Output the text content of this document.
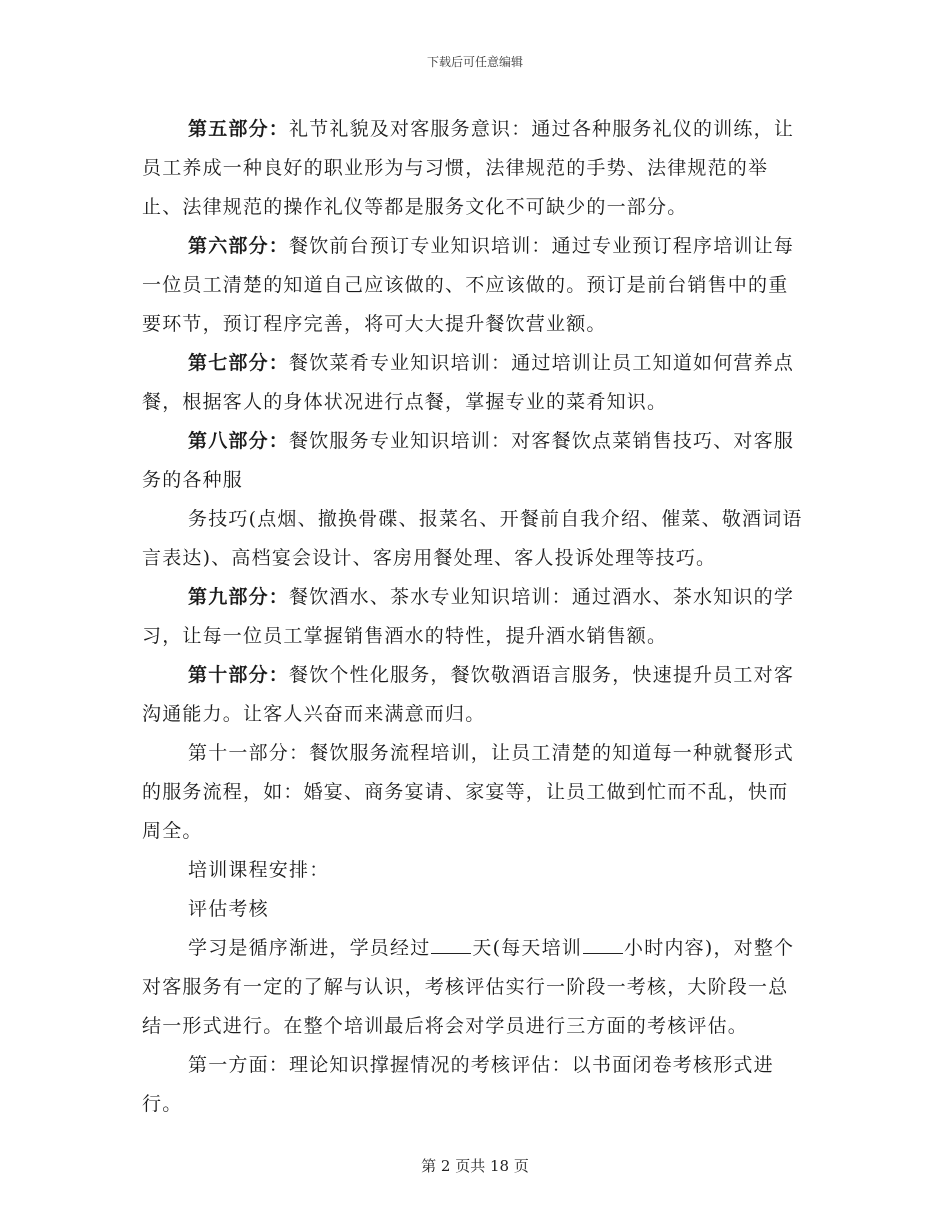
下载后可任意编辑

第五部分：礼节礼貌及对客服务意识：通过各种服务礼仪的训练，让员工养成一种良好的职业形为与习惯，法律规范的手势、法律规范的举止、法律规范的操作礼仪等都是服务文化不可缺少的一部分。

第六部分：餐饮前台预订专业知识培训：通过专业预订程序培训让每一位员工清楚的知道自己应该做的、不应该做的。预订是前台销售中的重要环节，预订程序完善，将可大大提升餐饮营业额。

第七部分：餐饮菜肴专业知识培训：通过培训让员工知道如何营养点餐，根据客人的身体状况进行点餐，掌握专业的菜肴知识。

第八部分：餐饮服务专业知识培训：对客餐饮点菜销售技巧、对客服务的各种服

务技巧(点烟、撤换骨碟、报菜名、开餐前自我介绍、催菜、敬酒词语言表达)、高档宴会设计、客房用餐处理、客人投诉处理等技巧。

第九部分：餐饮酒水、茶水专业知识培训：通过酒水、茶水知识的学习，让每一位员工掌握销售酒水的特性，提升酒水销售额。

第十部分：餐饮个性化服务，餐饮敬酒语言服务，快速提升员工对客沟通能力。让客人兴奋而来满意而归。

第十一部分：餐饮服务流程培训，让员工清楚的知道每一种就餐形式的服务流程，如：婚宴、商务宴请、家宴等，让员工做到忙而不乱，快而周全。

培训课程安排：

评估考核

学习是循序渐进，学员经过 天(每天培训 小时内容)，对整个对客服务有一定的了解与认识，考核评估实行一阶段一考核，大阶段一总结一形式进行。在整个培训最后将会对学员进行三方面的考核评估。

第一方面：理论知识撑握情况的考核评估：以书面闭卷考核形式进行。

第 2 页共 18 页
